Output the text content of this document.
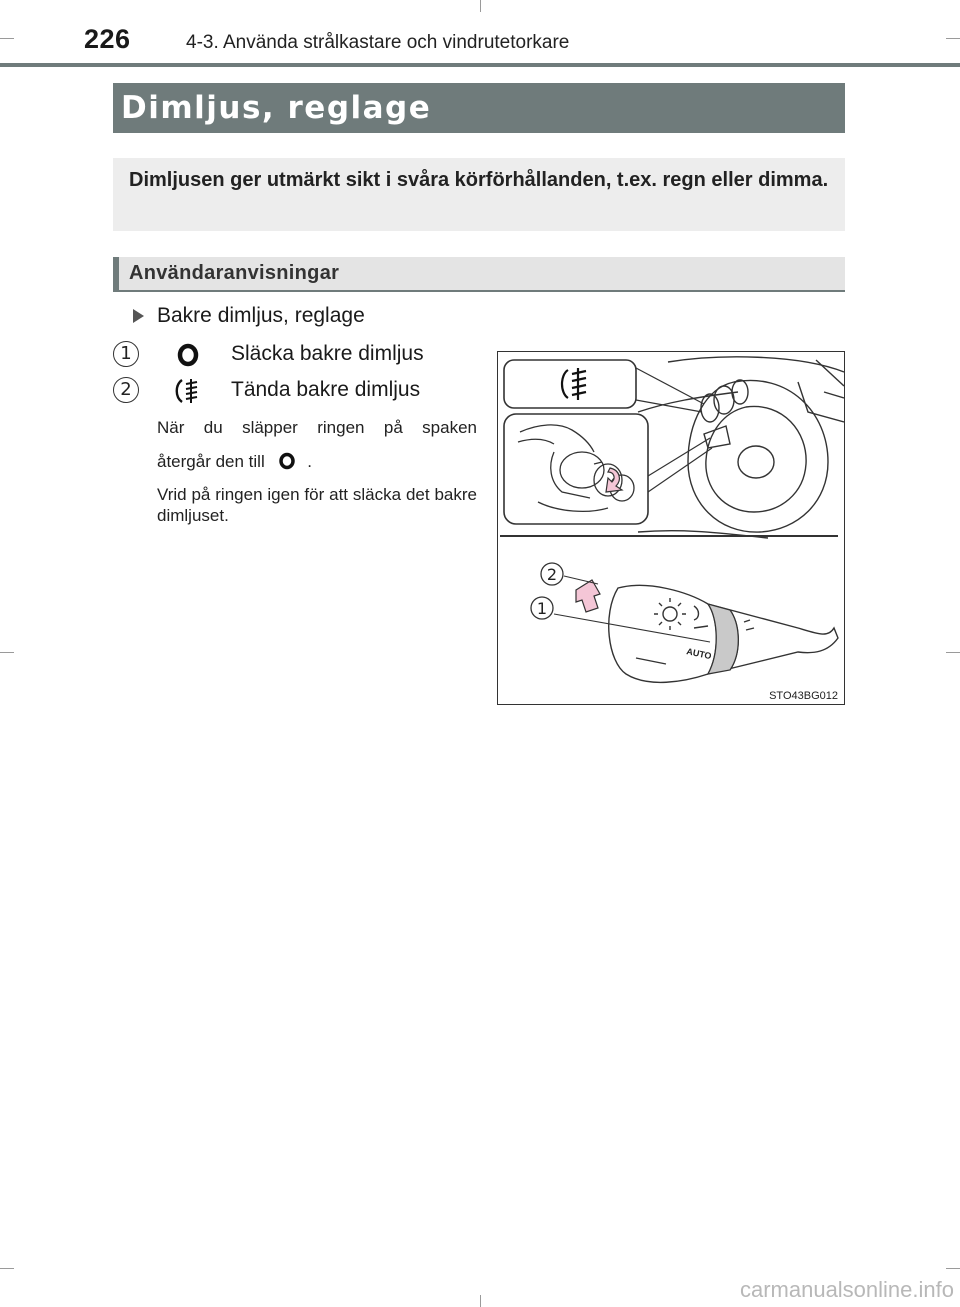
226	4-3. Använda strålkastare och vindrutetorkare
Dimljus, reglage

Dimljusen ger utmärkt sikt i svåra körförhållanden, t.ex. regn eller dimma.

Användaranvisningar
Bakre dimljus, reglage
1	Släcka bakre dimljus
2	Tända bakre dimljus

När du släpper ringen på spaken

återgår den till .

Vrid på ringen igen för att släcka det bakre dimljuset.

AUTO
2
1
STO43BG012
carmanualsonline.info
